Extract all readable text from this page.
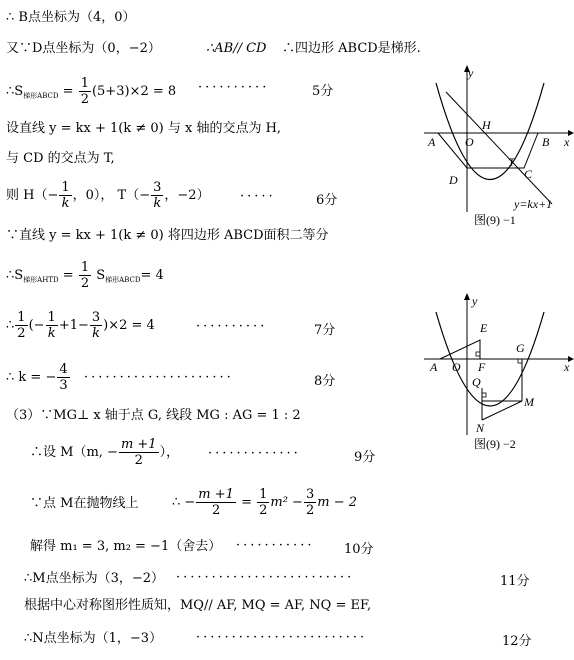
∴ B点坐标为（4，0）
又∵D点坐标为（0，−2）	∴AB// CD ∴四边形 ABCD是梯形.
$\therefore S_{梯形ABCD} = \frac{1}{2} (5+3)\times 2 = 8$ ··········	5分
设直线 y = kx + 1(k ≠ 0) 与 x 轴的交点为 H,
与 CD 的交点为 T,
则 $H(- \frac{1}{k}$ ，0）， $T(- \frac{3}{k}$ ，−2） ·····	6分
∵直线 y = kx + 1(k ≠ 0) 将四边形 ABCD面积二等分
$\therefore S_{梯形AHTD} = \frac{1}{2} S_{梯形ABCD}= 4$
∴ $\frac{1}{2}$ (− $\frac{1}{k} +1- \frac{3}{k} )\times 2 = 4$	··········	7分
∴ k = − $\frac{4}{3}$ ·····················	8分
（3）∵MG⊥ x 轴于点 G, 线段 MG : AG = 1 : 2
∴设 M（m, − $\frac{m +1}{2}$ ）， ·············	9分
∵点 M在抛物线上	∴ − $\frac{m +1}{2} = \frac{1}{2} m^2 - \frac{3}{2}$ m − 2
解得 m₁ = 3, m₂ = −1（舍去） ··········· 10分
∴M点坐标为（3，−2） ·························	11分
根据中心对称图形性质知，MQ// AF, MQ = AF, NQ = EF,
∴N点坐标为（1，−3）	························	12分
y
x
H
A O	B
T
D	C
y=kx+1
图(9) −1
y
x
E
G
A O F
Q
M
N
图(9) −2
